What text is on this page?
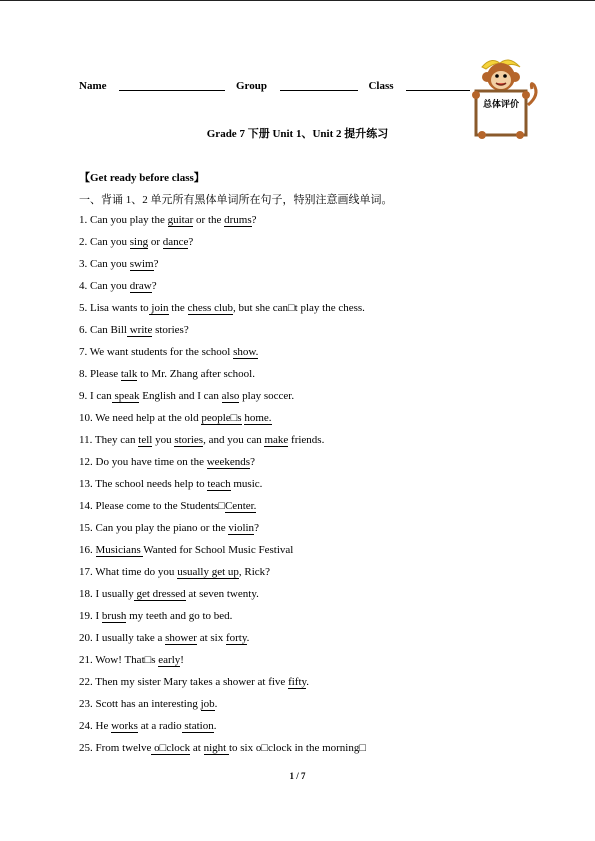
Name	Group	Class
总体评价
Grade 7 下册 Unit 1、Unit 2 提升练习
【Get ready before class】
一、背诵 1、2 单元所有黑体单词所在句子，特别注意画线单词。
1. Can you play the guitar or the drums?
2. Can you sing or dance?
3. Can you swim?
4. Can you draw?
5. Lisa wants to join the chess club, but she can□t play the chess.
6. Can Bill write stories?
7. We want students for the school show.
8. Please talk to Mr. Zhang after school.
9. I can speak English and I can also play soccer.
10. We need help at the old people□s home.
11. They can tell you stories, and you can make friends.
12. Do you have time on the weekends?
13. The school needs help to teach music.
14. Please come to the Students□Center.
15. Can you play the piano or the violin?
16. Musicians Wanted for School Music Festival
17. What time do you usually get up, Rick?
18. I usually get dressed at seven twenty.
19. I brush my teeth and go to bed.
20. I usually take a shower at six forty.
21. Wow! That□s early!
22. Then my sister Mary takes a shower at five fifty.
23. Scott has an interesting job.
24. He works at a radio station.
25. From twelve o□clock at night to six o□clock in the morning□
1 / 7
